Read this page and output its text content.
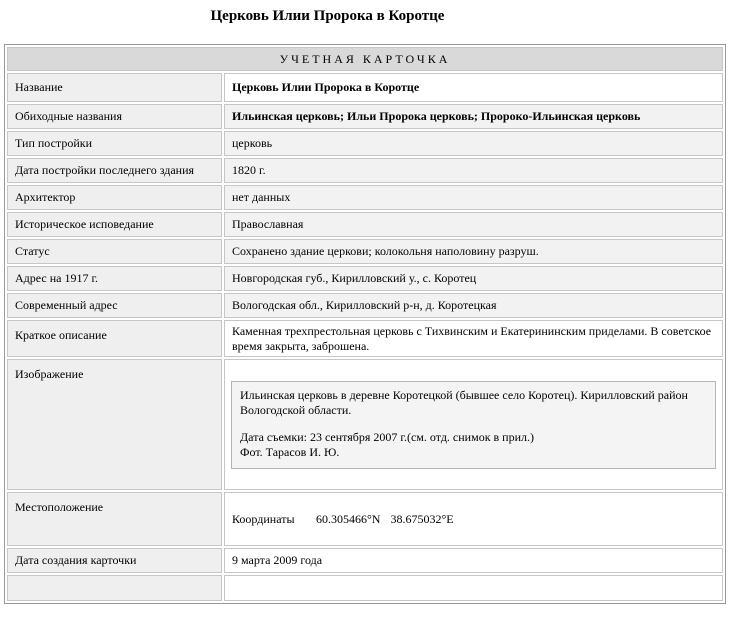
Церковь Илии Пророка в Коротце
УЧЕТНАЯ КАРТОЧКА	
Название	Церковь Илии Пророка в Коротце
Обиходные названия	Ильинская церковь; Ильи Пророка церковь; Пророко-Ильинская церковь
Тип постройки	церковь
Дата постройки последнего здания	1820 г.
Архитектор	нет данных
Историческое исповедание	Православная
Статус	Сохранено здание церкови; колокольня наполовину разруш.
Адрес на 1917 г.	Новгородская губ., Кирилловский у., с. Коротец
Современный адрес	Вологодская обл., Кирилловский р-н, д. Коротецкая
Краткое описание	Каменная трехпрестольная церковь с Тихвинским и Екатерининским приделами. В советское время закрыта, заброшена.
Изображение	Ильинская церковь в деревне Коротецкой (бывшее село Коротец). Кирилловский район Вологодской области.

Дата съемки: 23 сентября 2007 г.(см. отд. снимок в прил.)

Фот. Тарасов И. Ю.

Местоположение	Координаты 60.305466°N 38.675032°E
Дата создания карточки	9 марта 2009 года
